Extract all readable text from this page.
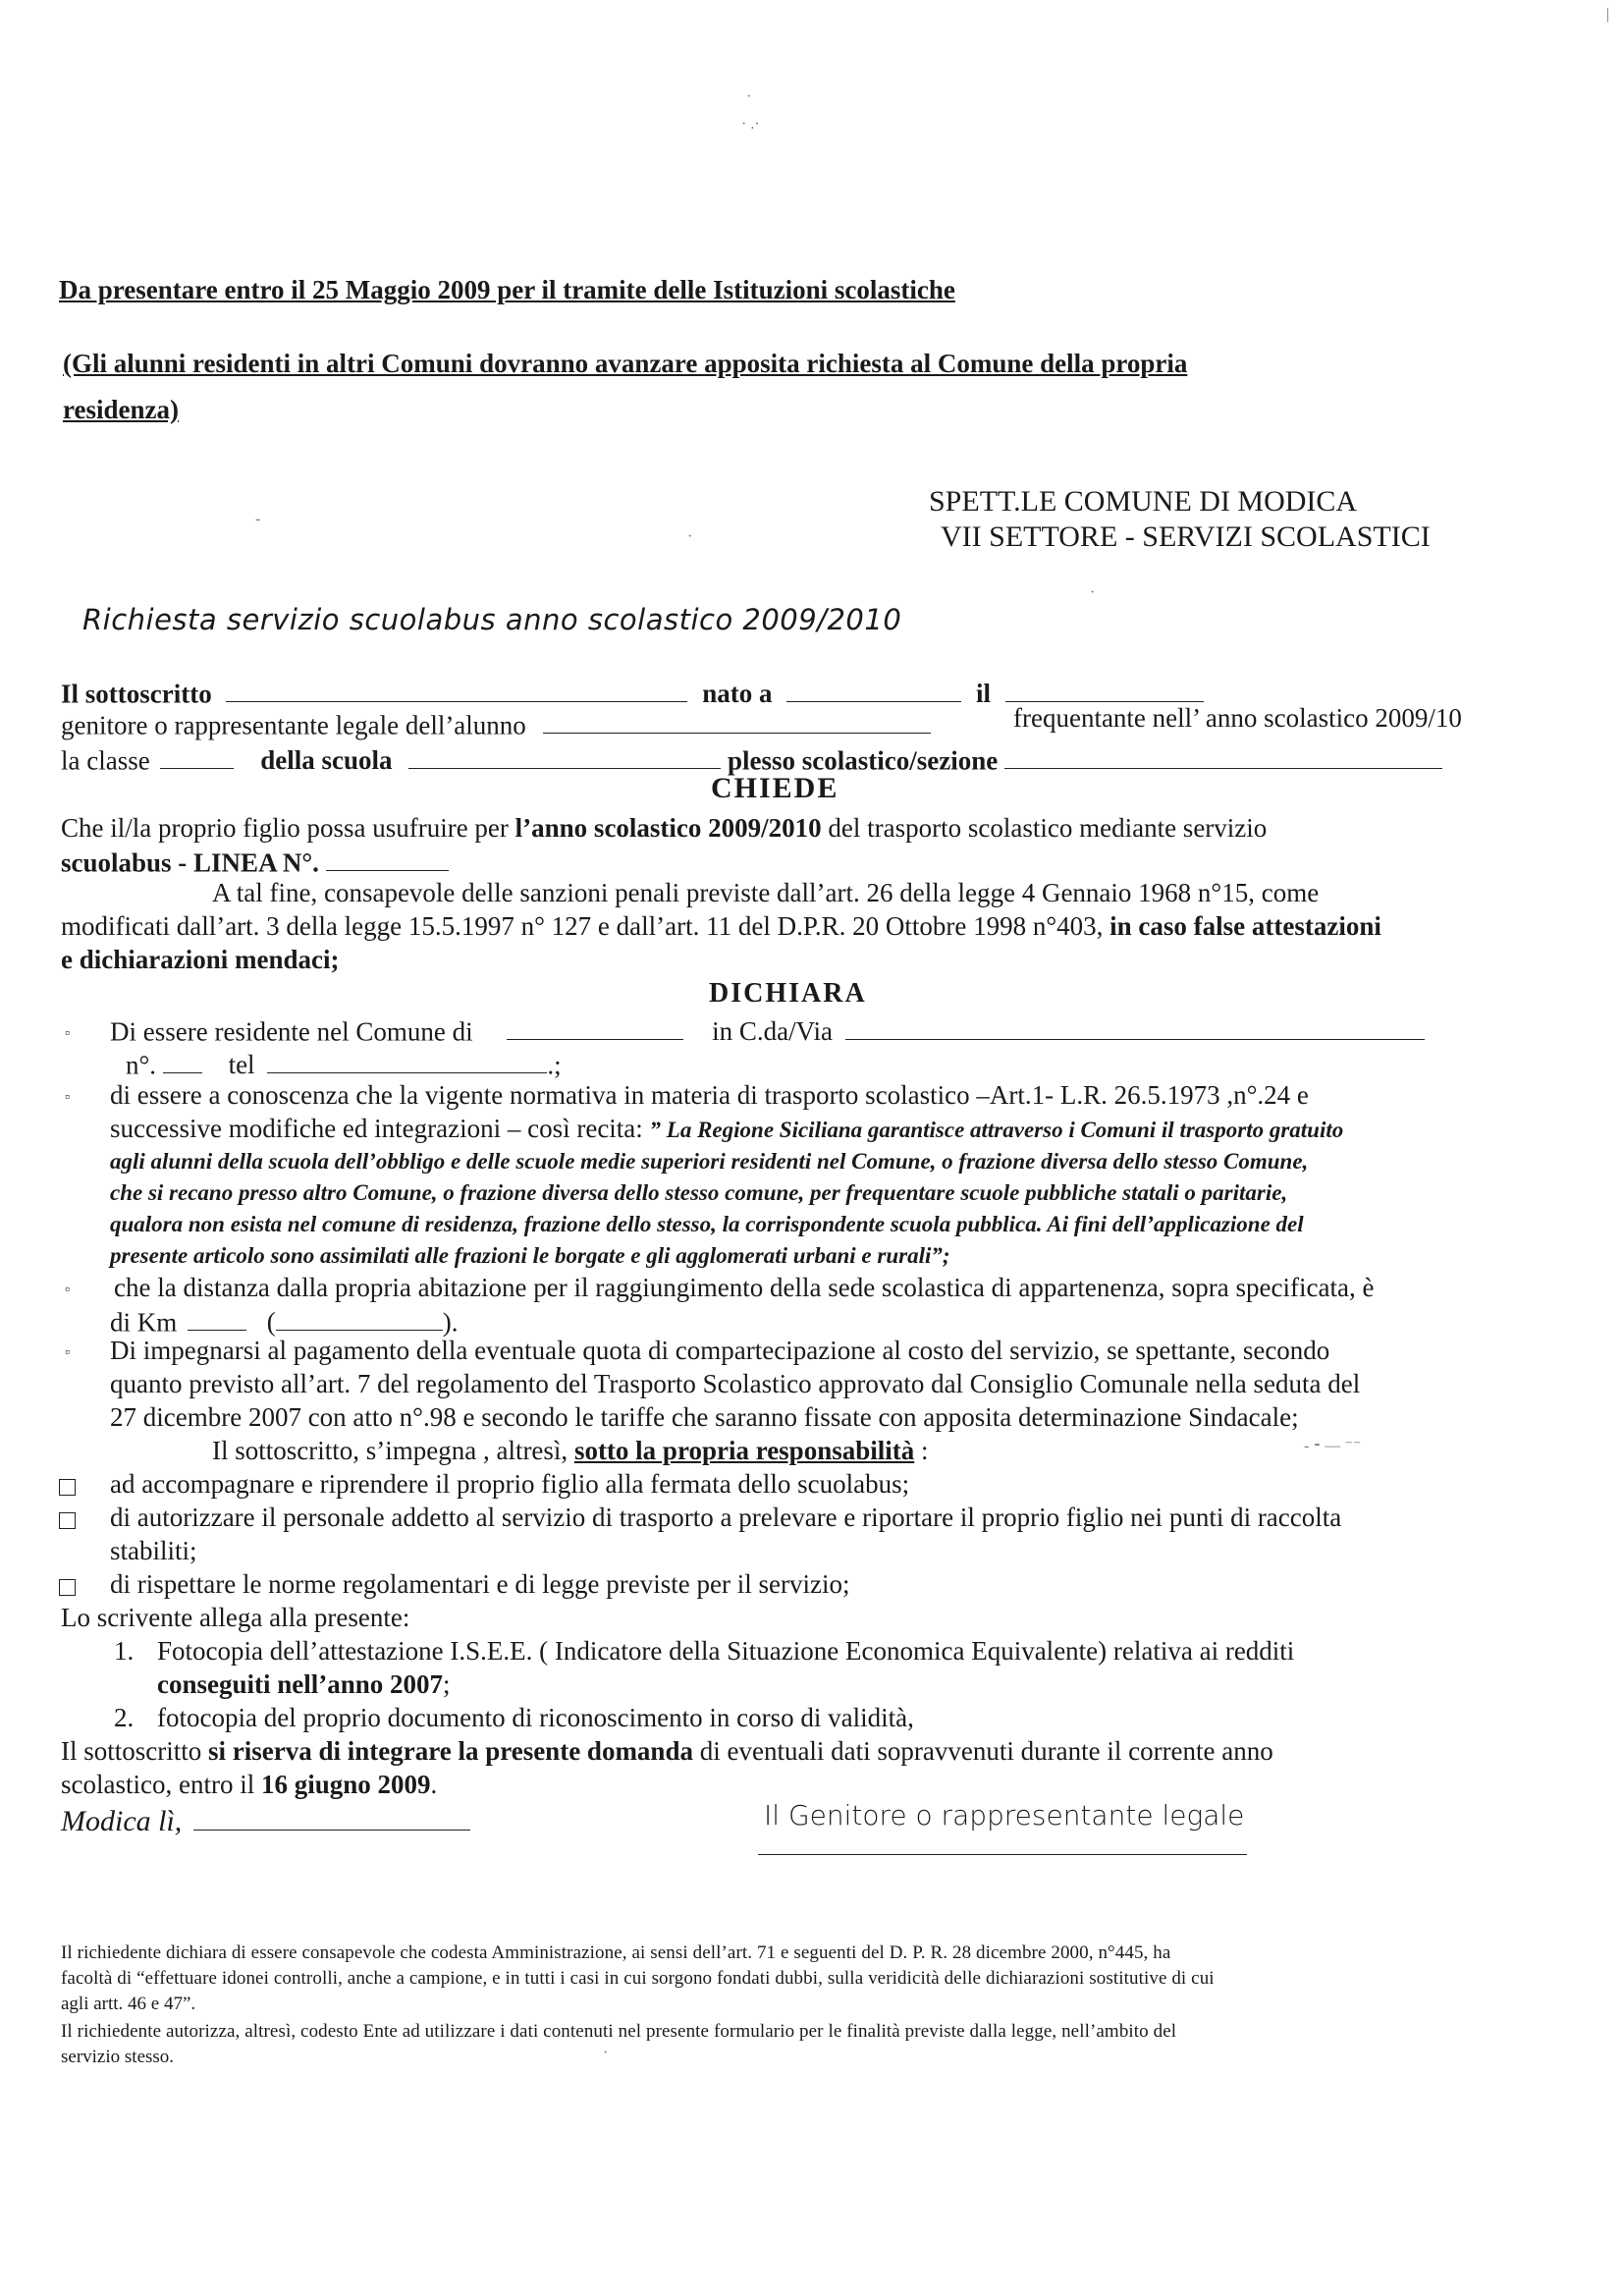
·
· .·
|
-
·
·
Da presentare entro il 25 Maggio 2009 per il tramite delle Istituzioni scolastiche
(Gli alunni residenti in altri Comuni dovranno avanzare apposita richiesta al Comune della propria
residenza)
SPETT.LE COMUNE DI MODICA
VII SETTORE - SERVIZI SCOLASTICI
Richiesta servizio scuolabus anno scolastico 2009/2010
Il sottoscritto	nato a	il
genitore o rappresentante legale dell’alunno	frequentante nell’ anno scolastico 2009/10
la classe	della scuola	plesso scolastico/sezione
CHIEDE
Che il/la proprio figlio possa usufruire per l’anno scolastico 2009/2010 del trasporto scolastico mediante servizio
scuolabus - LINEA N°.
A tal fine, consapevole delle sanzioni penali previste dall’art. 26 della legge 4 Gennaio 1968 n°15, come
modificati dall’art. 3 della legge 15.5.1997 n° 127 e dall’art. 11 del D.P.R. 20 Ottobre 1998 n°403, in caso false attestazioni
e dichiarazioni mendaci;
DICHIARA
▫ Di essere residente nel Comune di	in C.da/Via
n°.	tel	.;
▫ di essere a conoscenza che la vigente normativa in materia di trasporto scolastico –Art.1- L.R. 26.5.1973 ,n°.24 e
successive modifiche ed integrazioni – così recita: ” La Regione Siciliana garantisce attraverso i Comuni il trasporto gratuito
agli alunni della scuola dell’obbligo e delle scuole medie superiori residenti nel Comune, o frazione diversa dello stesso Comune,
che si recano presso altro Comune, o frazione diversa dello stesso comune, per frequentare scuole pubbliche statali o paritarie,
qualora non esista nel comune di residenza, frazione dello stesso, la corrispondente scuola pubblica. Ai fini dell’applicazione del
presente articolo sono assimilati alle frazioni le borgate e gli agglomerati urbani e rurali”;
▫ che la distanza dalla propria abitazione per il raggiungimento della sede scolastica di appartenenza, sopra specificata, è
di Km	(	).
▫ Di impegnarsi al pagamento della eventuale quota di compartecipazione al costo del servizio, se spettante, secondo
quanto previsto all’art. 7 del regolamento del Trasporto Scolastico approvato dal Consiglio Comunale nella seduta del
27 dicembre 2007 con atto n°.98 e secondo le tariffe che saranno fissate con apposita determinazione Sindacale;
- ⁃ — ⁻⁻
Il sottoscritto, s’impegna , altresì, sotto la propria responsabilità :
ad accompagnare e riprendere il proprio figlio alla fermata dello scuolabus;
di autorizzare il personale addetto al servizio di trasporto a prelevare e riportare il proprio figlio nei punti di raccolta
stabiliti;
di rispettare le norme regolamentari e di legge previste per il servizio;
Lo scrivente allega alla presente:
1. Fotocopia dell’attestazione I.S.E.E. ( Indicatore della Situazione Economica Equivalente) relativa ai redditi
conseguiti nell’anno 2007;
2. fotocopia del proprio documento di riconoscimento in corso di validità,
Il sottoscritto si riserva di integrare la presente domanda di eventuali dati sopravvenuti durante il corrente anno
scolastico, entro il 16 giugno 2009.
Modica lì,	Il Genitore o rappresentante legale
Il richiedente dichiara di essere consapevole che codesta Amministrazione, ai sensi dell’art. 71 e seguenti del D. P. R. 28 dicembre 2000, n°445, ha
facoltà di “effettuare idonei controlli, anche a campione, e in tutti i casi in cui sorgono fondati dubbi, sulla veridicità delle dichiarazioni sostitutive di cui
agli artt. 46 e 47”.
Il richiedente autorizza, altresì, codesto Ente ad utilizzare i dati contenuti nel presente formulario per le finalità previste dalla legge, nell’ambito del
servizio stesso.	·
